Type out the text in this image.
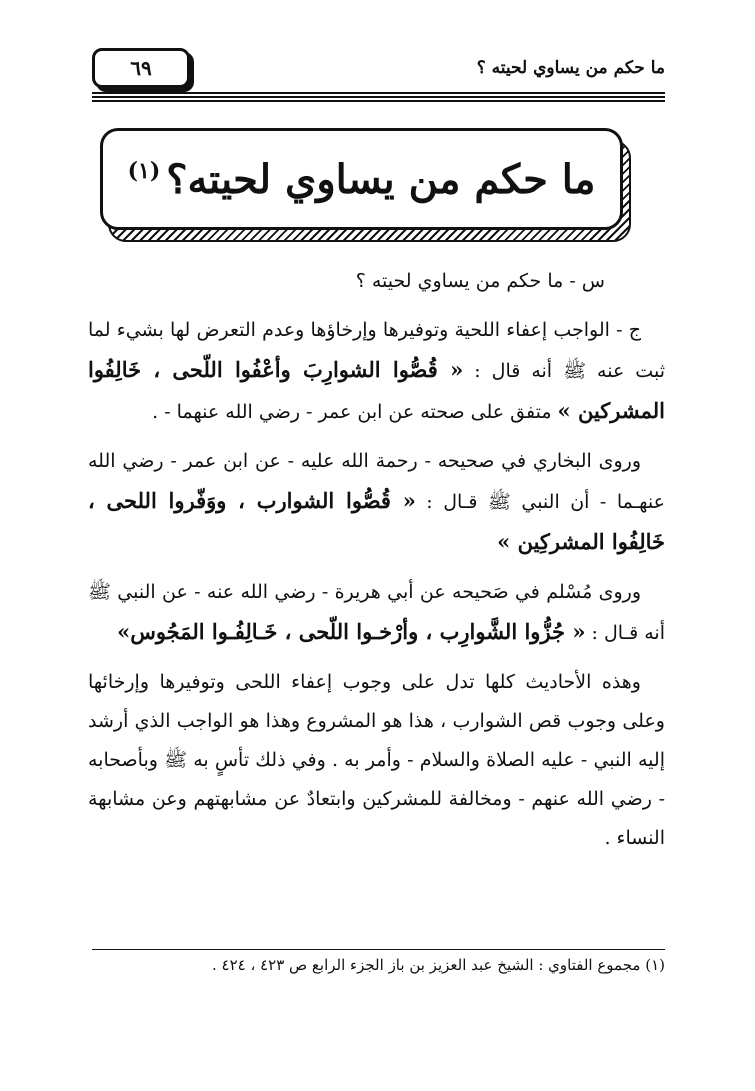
ما حكم من يساوي لحيته ؟
٦٩
ما حكم من يساوي لحيته؟$^{(١)}$

س - ما حكم من يساوي لحيته ؟

ج - الواجب إعفاء اللحية وتوفيرها وإرخاؤها وعدم التعرض لها بشيء لما ثبت عنه ﷺ أنه قال : « قُصُّوا الشوارِبَ وأعْفُوا اللّحى ، خَالِفُوا المشركين » متفق على صحته عن ابن عمر - رضي الله عنهما - .

وروى البخاري في صحيحه - رحمة الله عليه - عن ابن عمر - رضي الله عنهـما - أن النبي ﷺ قـال : « قُصُّوا الشوارب ، ووَفّروا اللحى ، خَالِفُوا المشركِين »

وروى مُسْلم في صَحيحه عن أبي هريرة - رضي الله عنه - عن النبي ﷺ أنه قـال : « جُزُّوا الشَّوارِب ، وأرْخـوا اللّحى ، خَـالِفُـوا المَجُوس»

وهذه الأحاديث كلها تدل على وجوب إعفاء اللحى وتوفيرها وإرخائها وعلى وجوب قص الشوارب ، هذا هو المشروع وهذا هو الواجب الذي أرشد إليه النبي - عليه الصلاة والسلام - وأمر به . وفي ذلك تأسٍ به ﷺ وبأصحابه - رضي الله عنهم - ومخالفة للمشركين وابتعادٌ عن مشابهتهم وعن مشابهة النساء .

(١) مجموع الفتاوي : الشيخ عبد العزيز بن باز الجزء الرابع ص ٤٢٣ ، ٤٢٤ .
